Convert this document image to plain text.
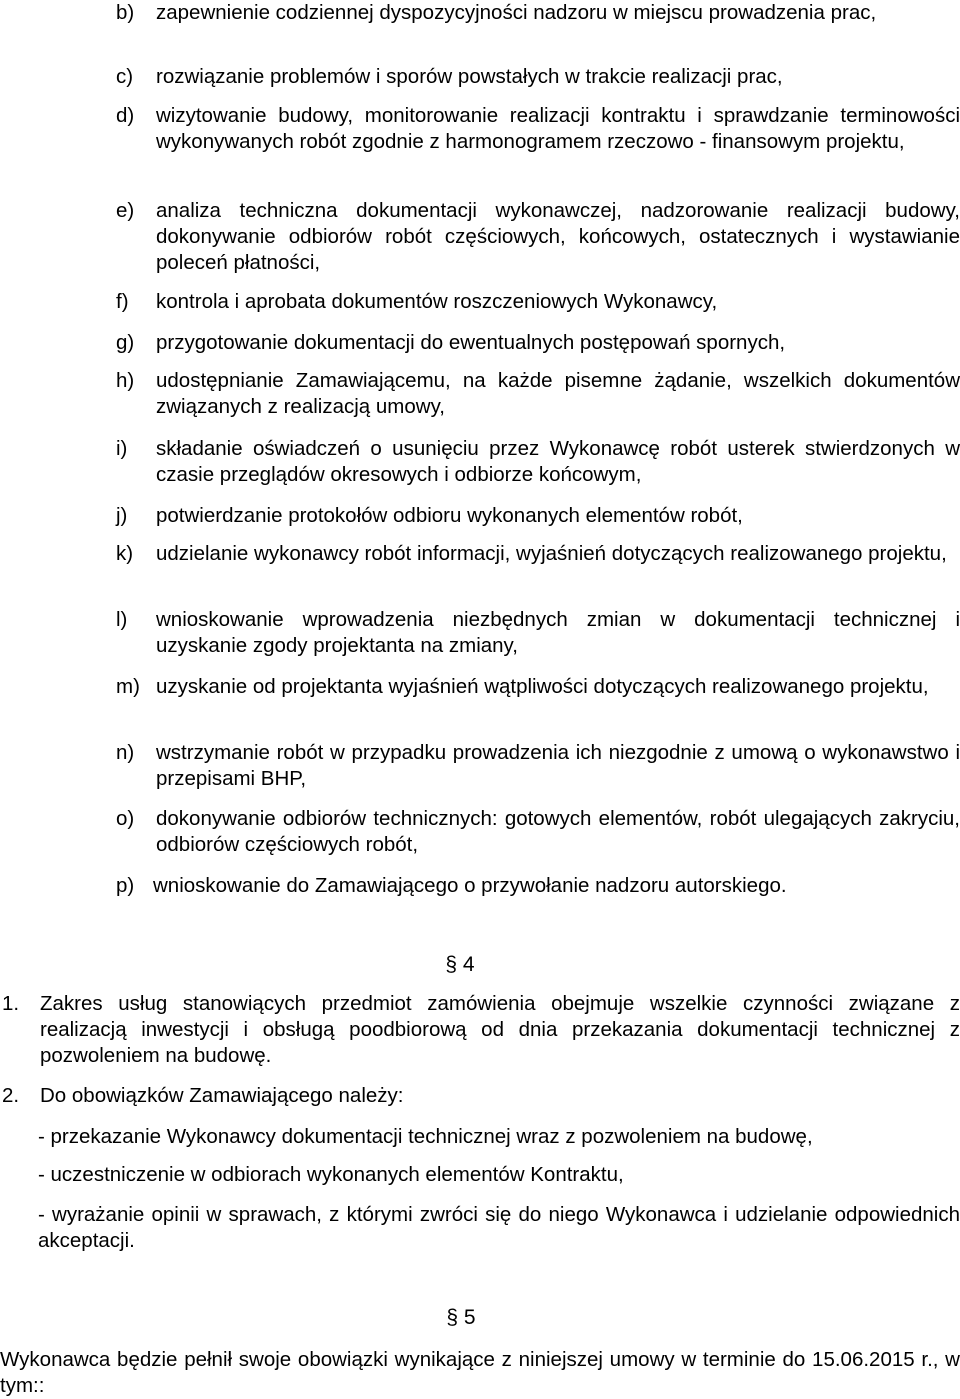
b) zapewnienie codziennej dyspozycyjności nadzoru w miejscu prowadzenia prac,
c) rozwiązanie problemów i sporów powstałych w trakcie realizacji prac,
d) wizytowanie budowy, monitorowanie realizacji kontraktu i sprawdzanie terminowości wykonywanych robót zgodnie z harmonogramem rzeczowo - finansowym projektu,
e) analiza techniczna dokumentacji wykonawczej, nadzorowanie realizacji budowy, dokonywanie odbiorów robót częściowych, końcowych, ostatecznych i wystawianie poleceń płatności,
f) kontrola i aprobata dokumentów roszczeniowych Wykonawcy,
g) przygotowanie dokumentacji do ewentualnych postępowań spornych,
h) udostępnianie Zamawiającemu, na każde pisemne żądanie, wszelkich dokumentów związanych z realizacją umowy,
i) składanie oświadczeń o usunięciu przez Wykonawcę robót usterek stwierdzonych w czasie przeglądów okresowych i odbiorze końcowym,
j) potwierdzanie protokołów odbioru wykonanych elementów robót,
k) udzielanie wykonawcy robót informacji, wyjaśnień dotyczących realizowanego projektu,
l) wnioskowanie wprowadzenia niezbędnych zmian w dokumentacji technicznej i uzyskanie zgody projektanta na zmiany,
m) uzyskanie od projektanta wyjaśnień wątpliwości dotyczących realizowanego projektu,
n) wstrzymanie robót w przypadku prowadzenia ich niezgodnie z umową o wykonawstwo i przepisami BHP,
o) dokonywanie odbiorów technicznych: gotowych elementów, robót ulegających zakryciu, odbiorów częściowych robót,
p) wnioskowanie do Zamawiającego o przywołanie nadzoru autorskiego.
§ 4
1. Zakres usług stanowiących przedmiot zamówienia obejmuje wszelkie czynności związane z realizacją inwestycji i obsługą poodbiorową od dnia przekazania dokumentacji technicznej z pozwoleniem na budowę.
2. Do obowiązków Zamawiającego należy:
- przekazanie Wykonawcy dokumentacji technicznej wraz z pozwoleniem na budowę,
- uczestniczenie w odbiorach wykonanych elementów Kontraktu,
- wyrażanie opinii w sprawach, z którymi zwróci się do niego Wykonawca i udzielanie odpowiednich akceptacji.
§ 5
Wykonawca będzie pełnił swoje obowiązki wynikające z niniejszej umowy w terminie do 15.06.2015 r., w tym::
